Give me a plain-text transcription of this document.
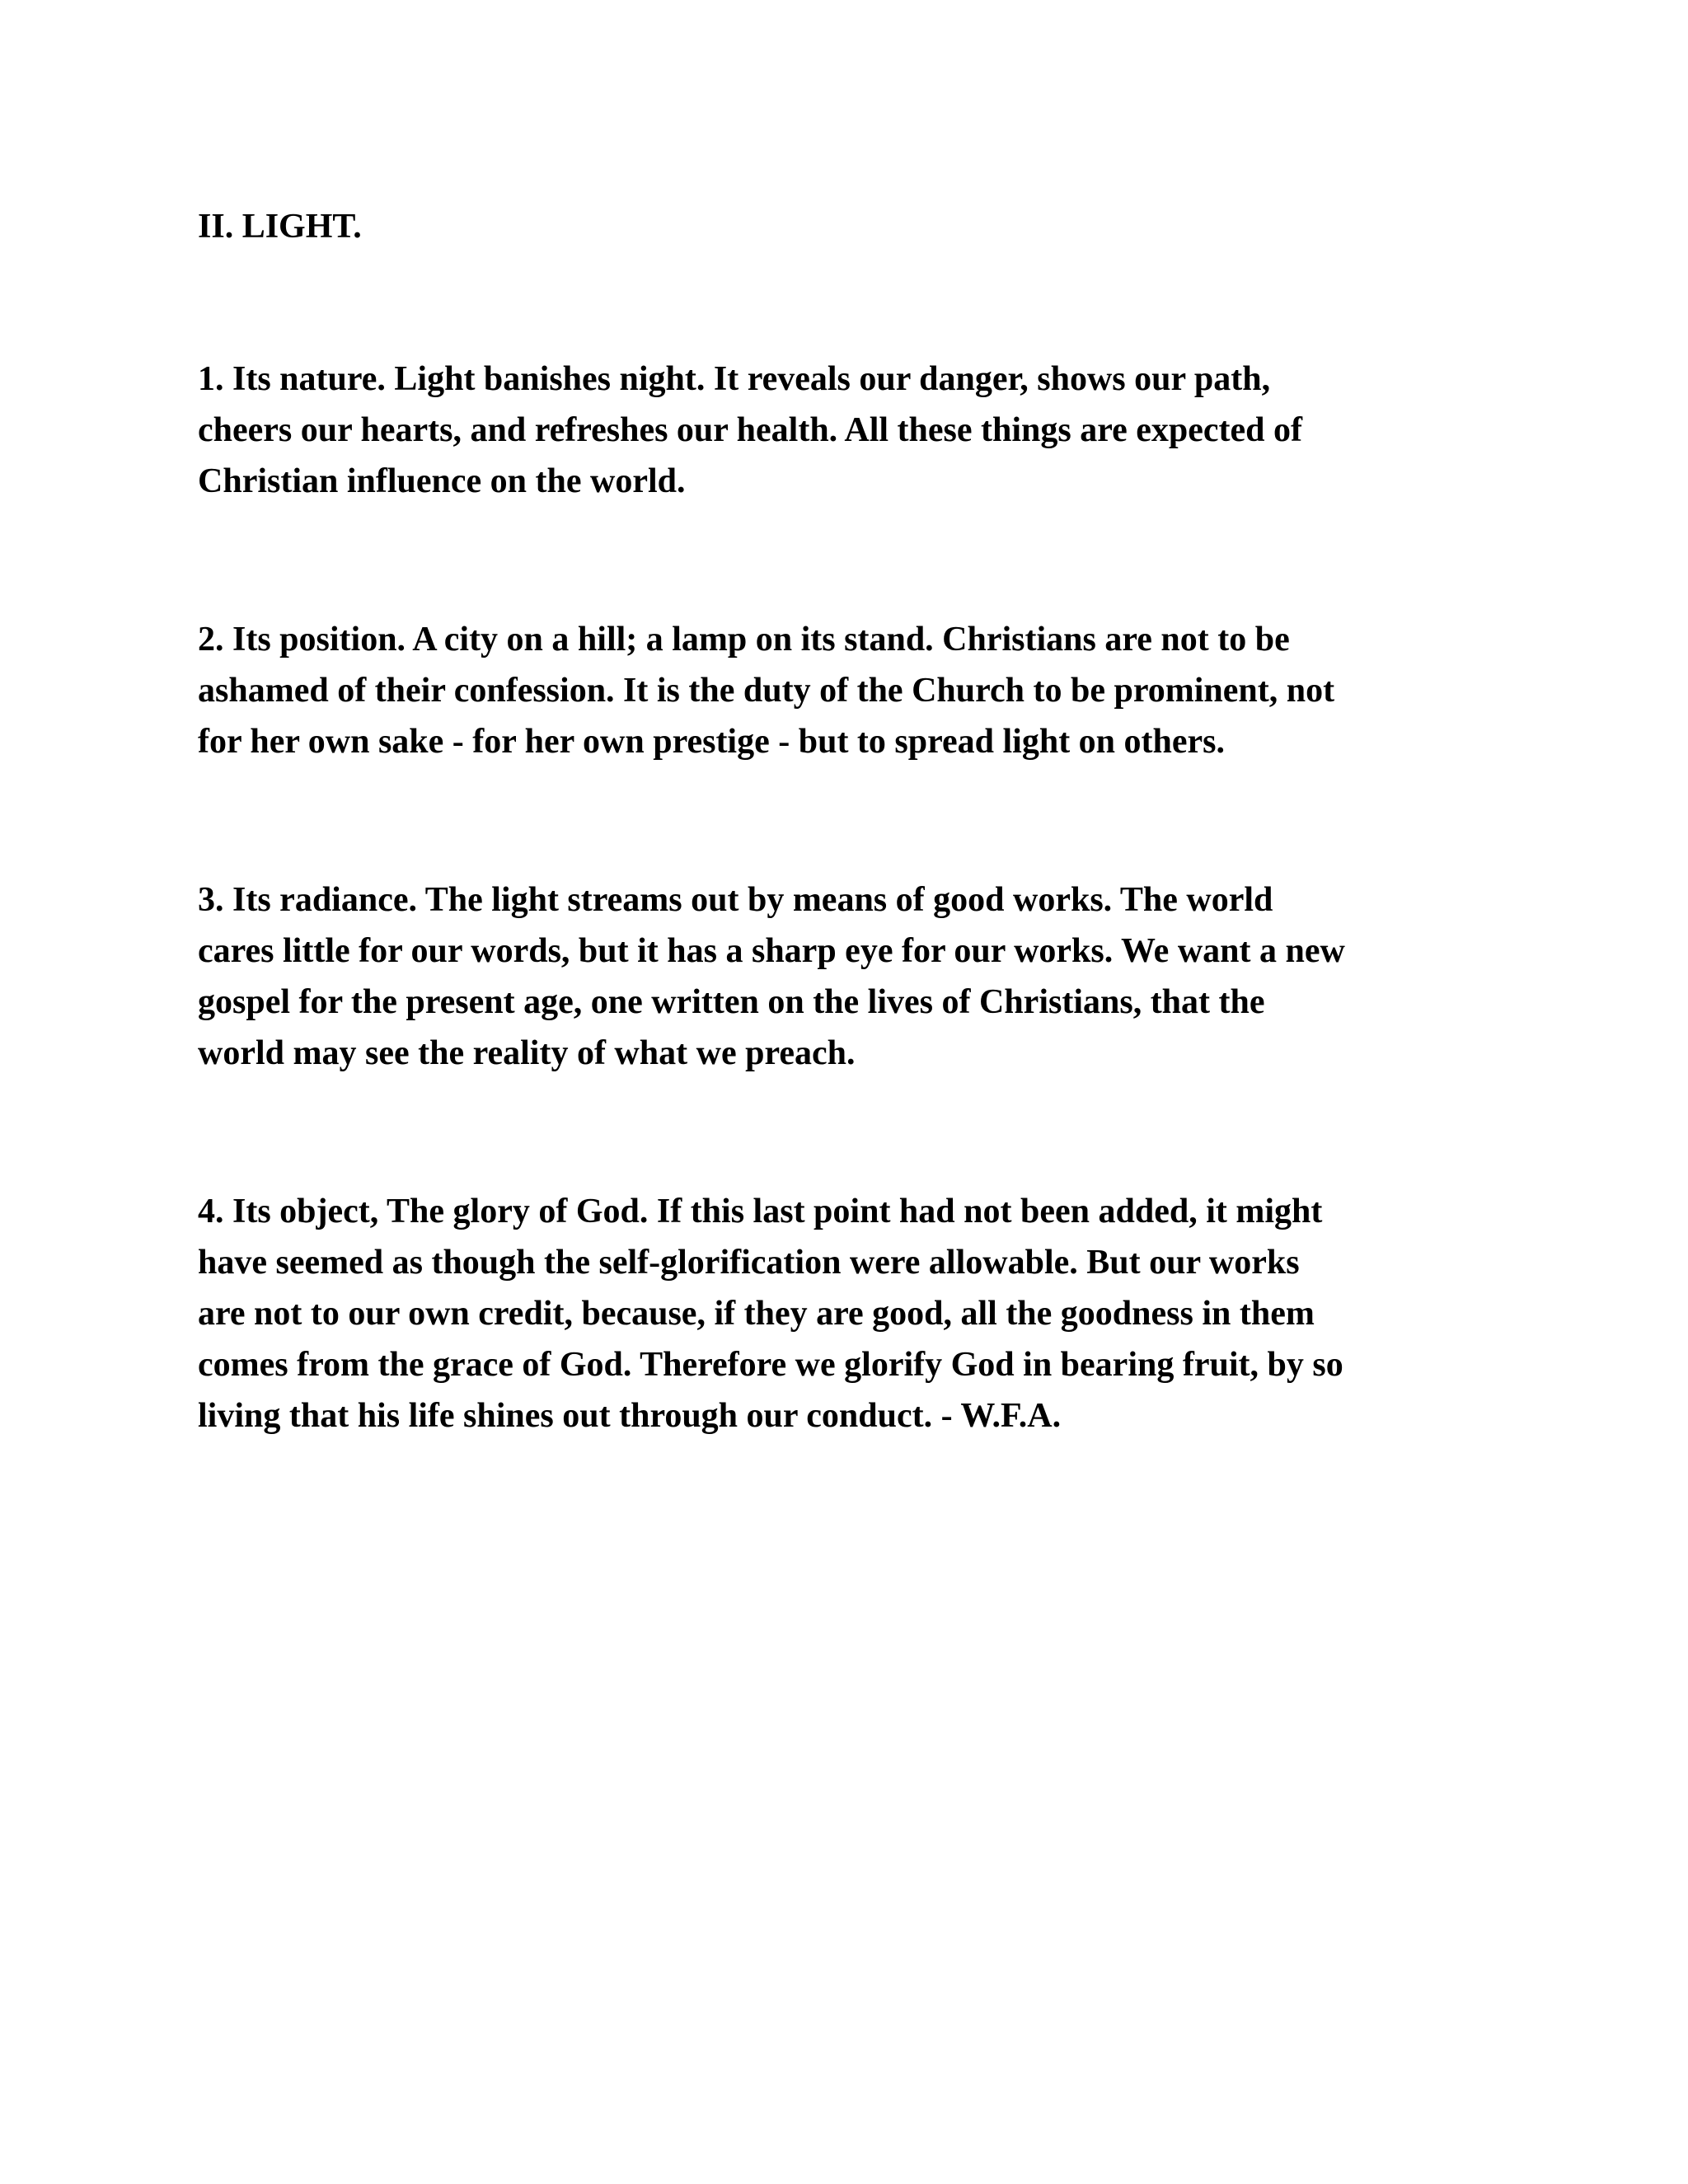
II. LIGHT.

1. Its nature. Light banishes night. It reveals our danger, shows our path,
cheers our hearts, and refreshes our health. All these things are expected of
Christian influence on the world.

2. Its position. A city on a hill; a lamp on its stand. Christians are not to be
ashamed of their confession. It is the duty of the Church to be prominent, not
for her own sake - for her own prestige - but to spread light on others.

3. Its radiance. The light streams out by means of good works. The world
cares little for our words, but it has a sharp eye for our works. We want a new
gospel for the present age, one written on the lives of Christians, that the
world may see the reality of what we preach.

4. Its object, The glory of God. If this last point had not been added, it might
have seemed as though the self-glorification were allowable. But our works
are not to our own credit, because, if they are good, all the goodness in them
comes from the grace of God. Therefore we glorify God in bearing fruit, by so
living that his life shines out through our conduct. - W.F.A.
